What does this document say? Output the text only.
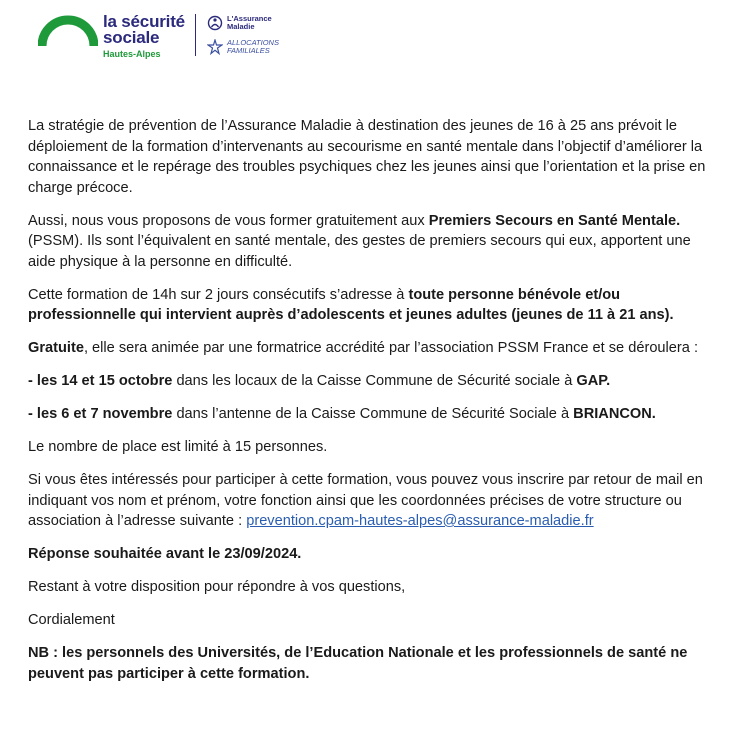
la sécurité
sociale
Hautes-Alpes
L'Assurance
Maladie
ALLOCATIONS
FAMILIALES

La stratégie de prévention de l’Assurance Maladie à destination des jeunes de 16 à 25 ans prévoit le déploiement de la formation d’intervenants au secourisme en santé mentale dans l’objectif d’améliorer la connaissance et le repérage des troubles psychiques chez les jeunes ainsi que l’orientation et la prise en charge précoce.

Aussi, nous vous proposons de vous former gratuitement aux Premiers Secours en Santé Mentale. (PSSM). Ils sont l’équivalent en santé mentale, des gestes de premiers secours qui eux, apportent une aide physique à la personne en difficulté.

Cette formation de 14h sur 2 jours consécutifs s’adresse à toute personne bénévole et/ou professionnelle qui intervient auprès d’adolescents et jeunes adultes (jeunes de 11 à 21 ans).

Gratuite, elle sera animée par une formatrice accrédité par l’association PSSM France et se déroulera :

- les 14 et 15 octobre dans les locaux de la Caisse Commune de Sécurité sociale à GAP.

- les 6 et 7 novembre dans l’antenne de la Caisse Commune de Sécurité Sociale à BRIANCON.

Le nombre de place est limité à 15 personnes.

Si vous êtes intéressés pour participer à cette formation, vous pouvez vous inscrire par retour de mail en indiquant vos nom et prénom, votre fonction ainsi que les coordonnées précises de votre structure ou association à l’adresse suivante : prevention.cpam-hautes-alpes@assurance-maladie.fr

Réponse souhaitée avant le 23/09/2024.

Restant à votre disposition pour répondre à vos questions,

Cordialement

NB : les personnels des Universités, de l’Education Nationale et les professionnels de santé ne peuvent pas participer à cette formation.
